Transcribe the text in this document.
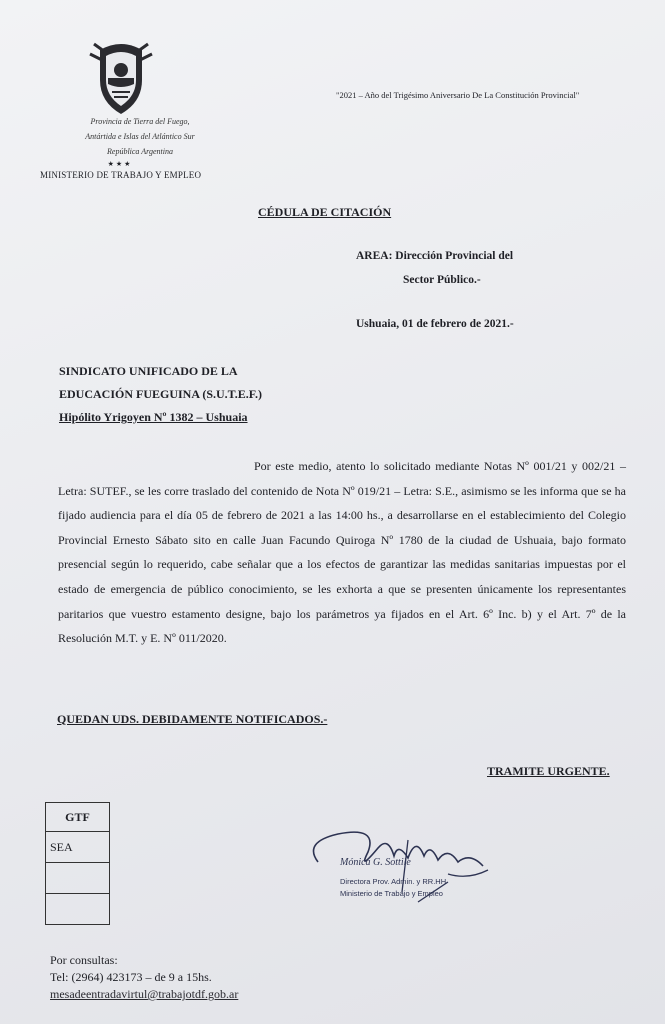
Provincia de Tierra del Fuego,
Antártida e Islas del Atlántico Sur
República Argentina
★★★
MINISTERIO DE TRABAJO Y EMPLEO
"2021 – Año del Trigésimo Aniversario De La Constitución Provincial"
CÉDULA DE CITACIÓN
AREA: Dirección Provincial del
Sector Público.-
Ushuaia, 01 de febrero de 2021.-
SINDICATO UNIFICADO DE LA
EDUCACIÓN FUEGUINA (S.U.T.E.F.)
Hipólito Yrigoyen Nº 1382 – Ushuaia
Por este medio, atento lo solicitado mediante Notas Nº 001/21 y 002/21 – Letra: SUTEF., se les corre traslado del contenido de Nota Nº 019/21 – Letra: S.E., asimismo se les informa que se ha fijado audiencia para el día 05 de febrero de 2021 a las 14:00 hs., a desarrollarse en el establecimiento del Colegio Provincial Ernesto Sábato sito en calle Juan Facundo Quiroga Nº 1780 de la ciudad de Ushuaia, bajo formato presencial según lo requerido, cabe señalar que a los efectos de garantizar las medidas sanitarias impuestas por el estado de emergencia de público conocimiento, se les exhorta a que se presenten únicamente los representantes paritarios que vuestro estamento designe, bajo los parámetros ya fijados en el Art. 6º Inc. b) y el Art. 7º de la Resolución M.T. y E. Nº 011/2020.
QUEDAN UDS. DEBIDAMENTE NOTIFICADOS.-
TRAMITE URGENTE.
GTF
SEA

Mónica G. Sottile
Directora Prov. Admin. y RR.HH
Ministerio de Trabajo y Empleo
Por consultas:
Tel: (2964) 423173 – de 9 a 15hs.
mesadeentradavirtul@trabajotdf.gob.ar
